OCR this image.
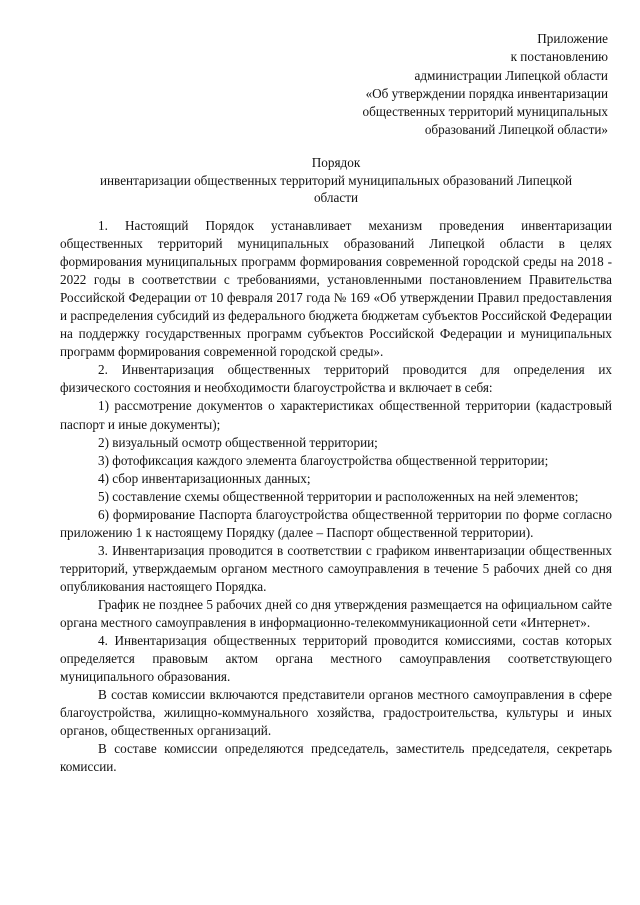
Приложение
к постановлению
администрации Липецкой области
«Об утверждении порядка инвентаризации
общественных территорий муниципальных
образований Липецкой области»
Порядок
инвентаризации общественных территорий муниципальных образований Липецкой
области

1. Настоящий Порядок устанавливает механизм проведения инвентаризации общественных территорий муниципальных образований Липецкой области в целях формирования муниципальных программ формирования современной городской среды на 2018 - 2022 годы в соответствии с требованиями, установленными постановлением Правительства Российской Федерации от 10 февраля 2017 года № 169 «Об утверждении Правил предоставления и распределения субсидий из федерального бюджета бюджетам субъектов Российской Федерации на поддержку государственных программ субъектов Российской Федерации и муниципальных программ формирования современной городской среды».

2. Инвентаризация общественных территорий проводится для определения их физического состояния и необходимости благоустройства и включает в себя:

1) рассмотрение документов о характеристиках общественной территории (кадастровый паспорт и иные документы);

2) визуальный осмотр общественной территории;

3) фотофиксация каждого элемента благоустройства общественной территории;

4) сбор инвентаризационных данных;

5) составление схемы общественной территории и расположенных на ней элементов;

6) формирование Паспорта благоустройства общественной территории по форме согласно приложению 1 к настоящему Порядку (далее – Паспорт общественной территории).

3. Инвентаризация проводится в соответствии с графиком инвентаризации общественных территорий, утверждаемым органом местного самоуправления в течение 5 рабочих дней со дня опубликования настоящего Порядка.

График не позднее 5 рабочих дней со дня утверждения размещается на официальном сайте органа местного самоуправления в информационно-телекоммуникационной сети «Интернет».

4. Инвентаризация общественных территорий проводится комиссиями, состав которых определяется правовым актом органа местного самоуправления соответствующего муниципального образования.

В состав комиссии включаются представители органов местного самоуправления в сфере благоустройства, жилищно-коммунального хозяйства, градостроительства, культуры и иных органов, общественных организаций.

В составе комиссии определяются председатель, заместитель председателя, секретарь комиссии.
